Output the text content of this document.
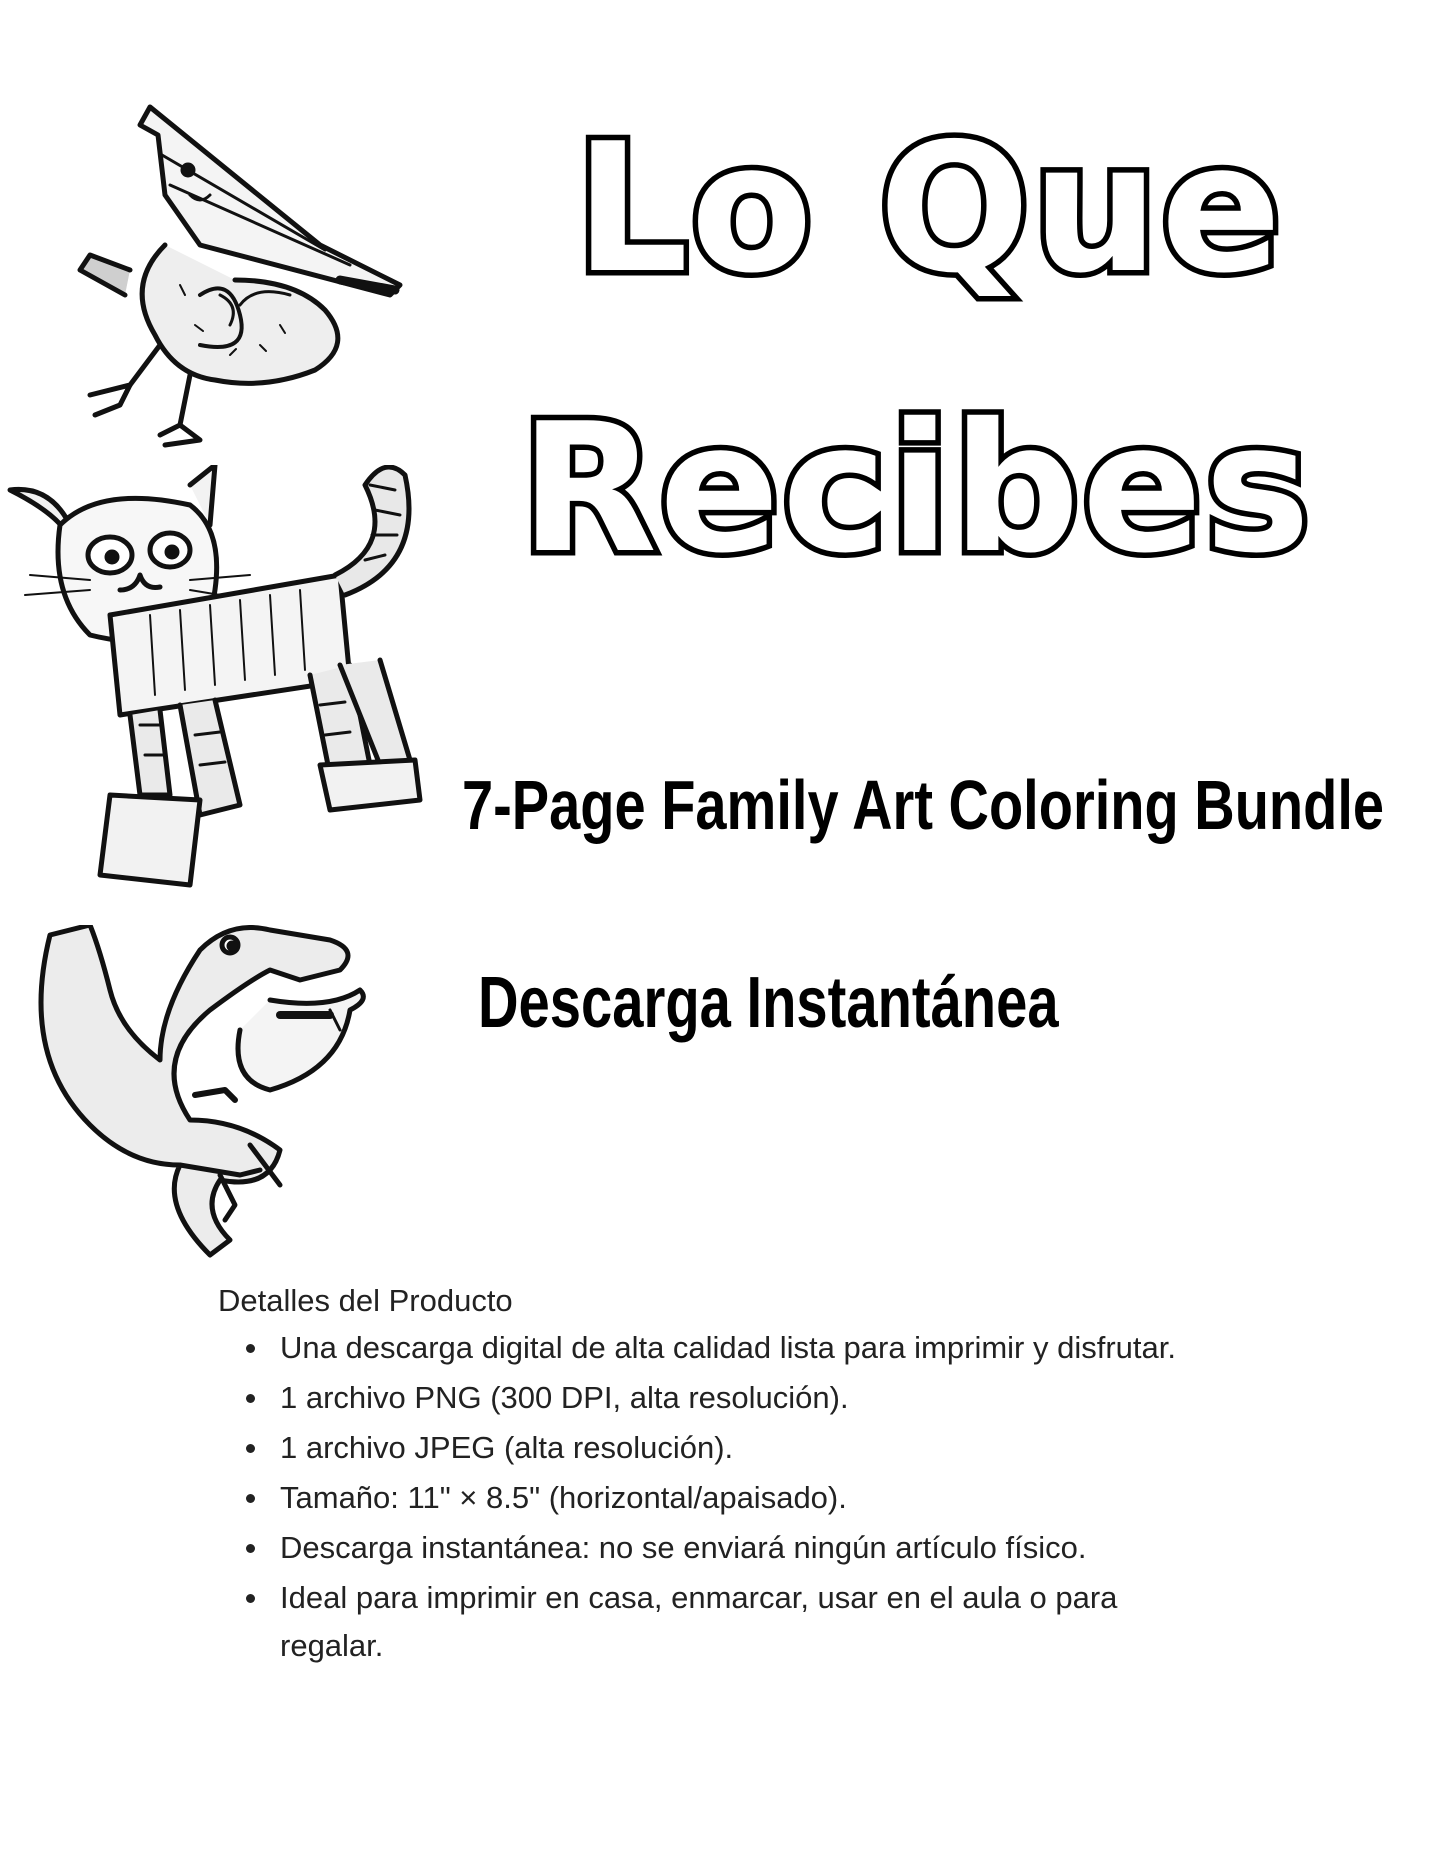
Lo Que
Recibes
7-Page Family Art Coloring Bundle
Descarga Instantánea
Detalles del Producto
Una descarga digital de alta calidad lista para imprimir y disfrutar.
1 archivo PNG (300 DPI, alta resolución).
1 archivo JPEG (alta resolución).
Tamaño: 11" × 8.5" (horizontal/apaisado).
Descarga instantánea: no se enviará ningún artículo físico.
Ideal para imprimir en casa, enmarcar, usar en el aula o para regalar.
